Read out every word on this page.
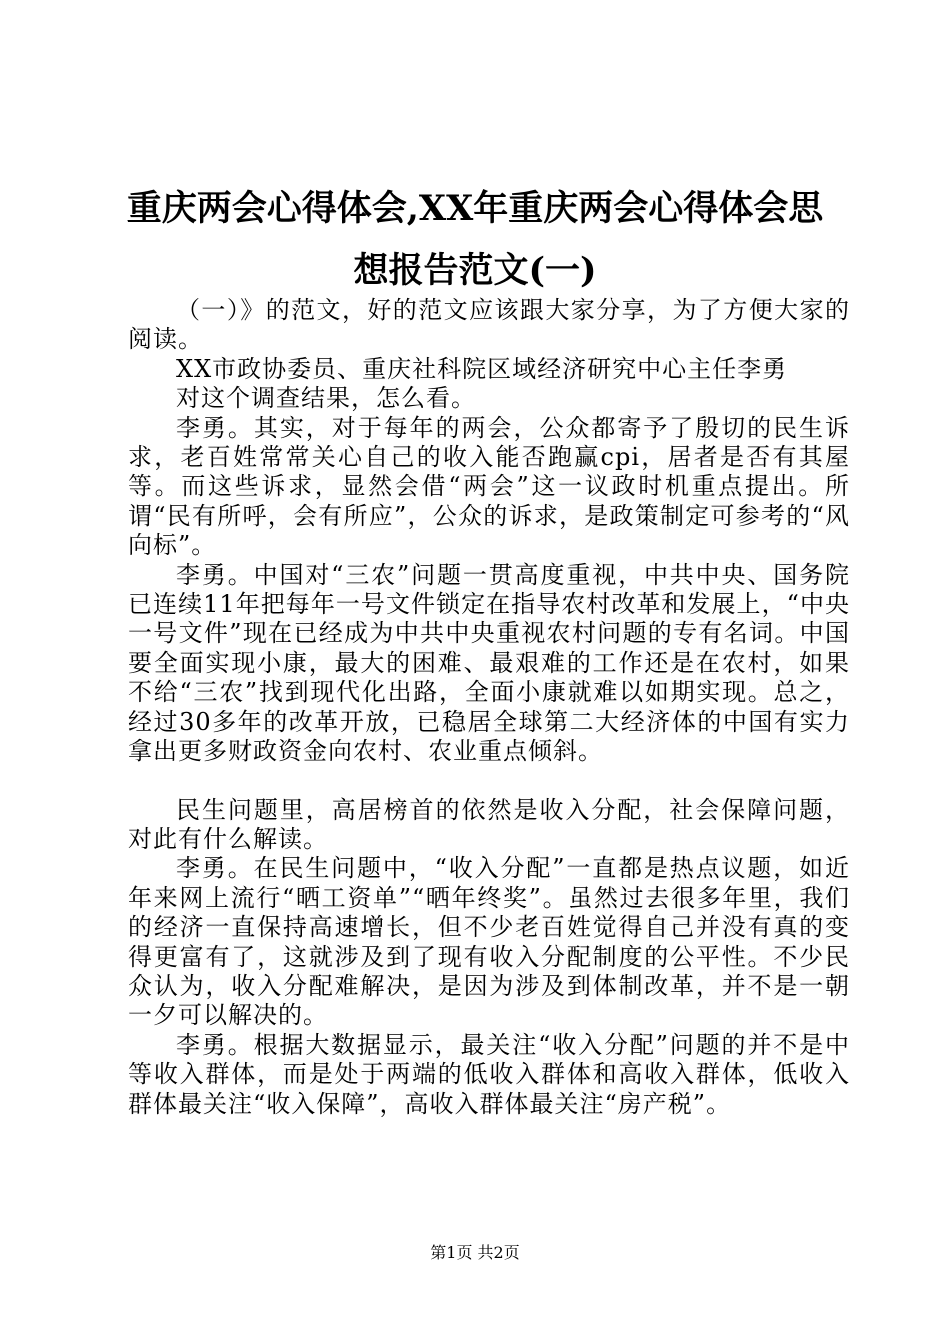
重庆两会心得体会,XX年重庆两会心得体会思想报告范文(一)

（一）》的范文，好的范文应该跟大家分享，为了方便大家的阅读。

XX市政协委员、重庆社科院区域经济研究中心主任李勇

对这个调查结果，怎么看。

李勇。其实，对于每年的两会，公众都寄予了殷切的民生诉求，老百姓常常关心自己的收入能否跑赢cpi，居者是否有其屋等。而这些诉求，显然会借“两会”这一议政时机重点提出。所谓“民有所呼，会有所应”，公众的诉求，是政策制定可参考的“风向标”。

李勇。中国对“三农”问题一贯高度重视，中共中央、国务院已连续11年把每年一号文件锁定在指导农村改革和发展上，“中央一号文件”现在已经成为中共中央重视农村问题的专有名词。中国要全面实现小康，最大的困难、最艰难的工作还是在农村，如果不给“三农”找到现代化出路，全面小康就难以如期实现。总之，经过30多年的改革开放，已稳居全球第二大经济体的中国有实力拿出更多财政资金向农村、农业重点倾斜。

民生问题里，高居榜首的依然是收入分配，社会保障问题，对此有什么解读。

李勇。在民生问题中，“收入分配”一直都是热点议题，如近年来网上流行“晒工资单”“晒年终奖”。虽然过去很多年里，我们的经济一直保持高速增长，但不少老百姓觉得自己并没有真的变得更富有了，这就涉及到了现有收入分配制度的公平性。不少民众认为，收入分配难解决，是因为涉及到体制改革，并不是一朝一夕可以解决的。

李勇。根据大数据显示，最关注“收入分配”问题的并不是中等收入群体，而是处于两端的低收入群体和高收入群体，低收入群体最关注“收入保障”，高收入群体最关注“房产税”。

第1页 共2页
